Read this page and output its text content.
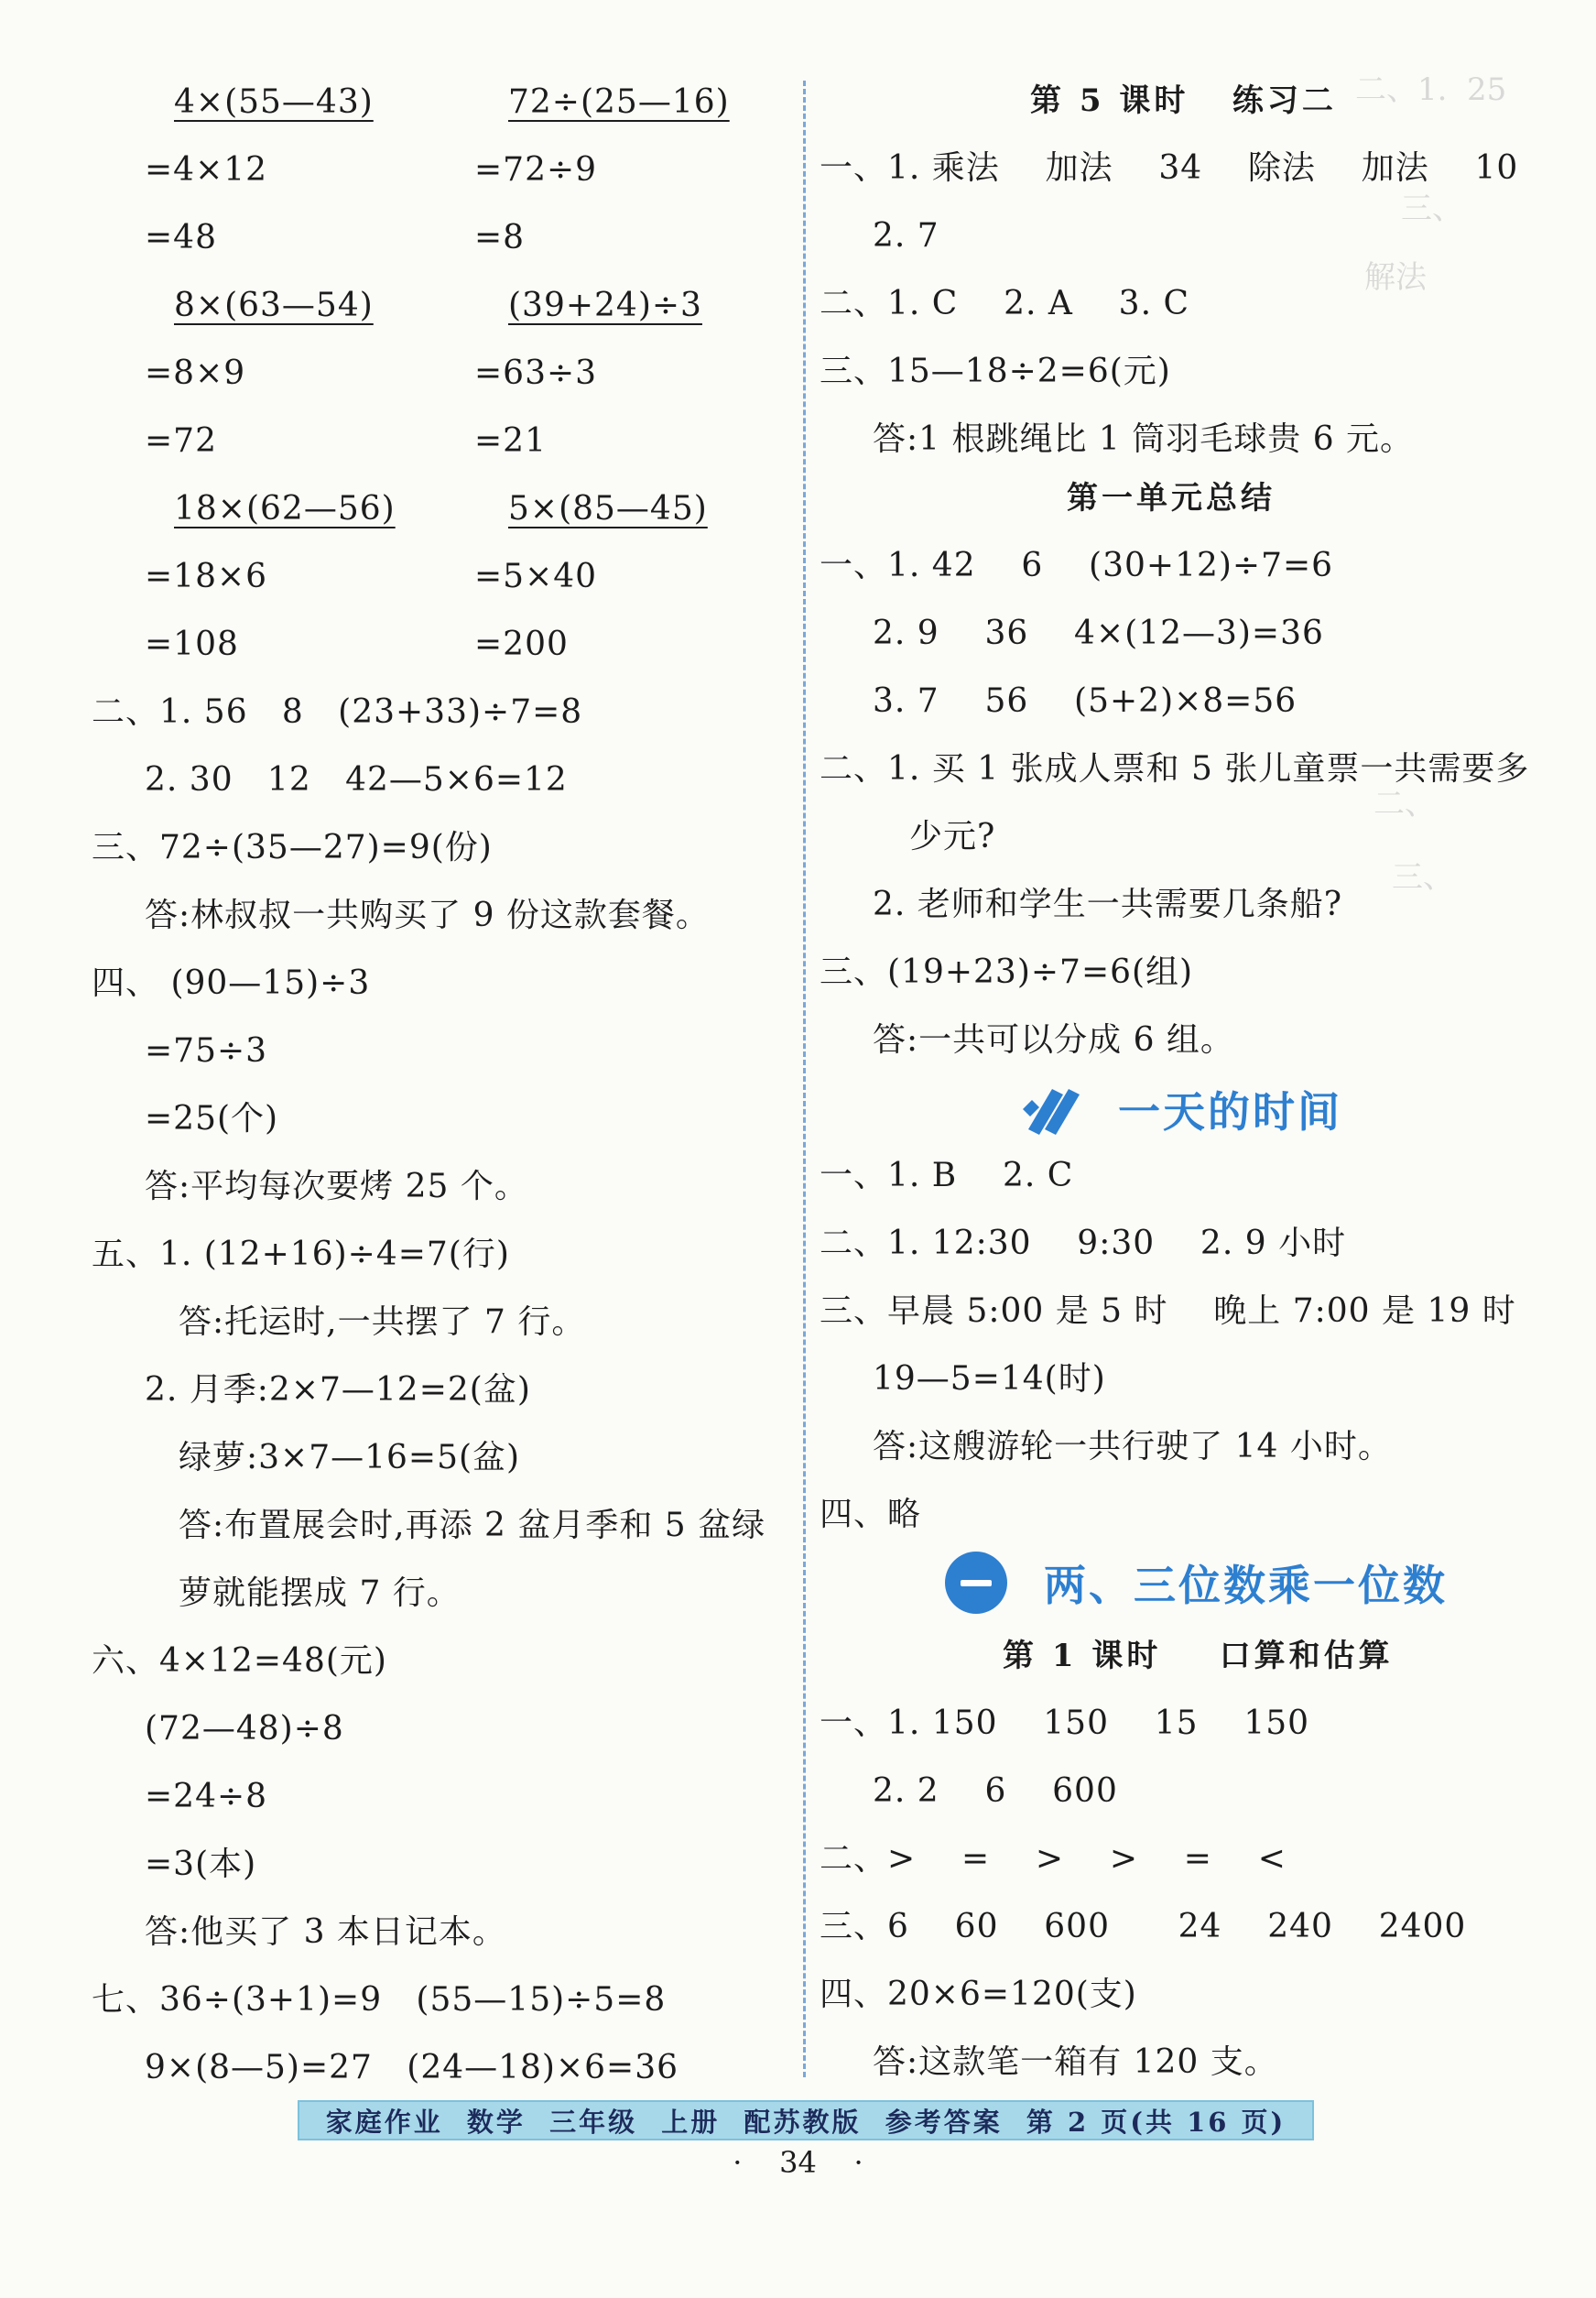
4×(55—43)	72÷(25—16)
=4×12	=72÷9
=48	=8
8×(63—54)	(39+24)÷3
=8×9	=63÷3
=72	=21
18×(62—56)	5×(85—45)
=18×6	=5×40
=108	=200
二、1. 56   8   (23+33)÷7=8
2. 30   12   42—5×6=12
三、72÷(35—27)=9(份)
答:林叔叔一共购买了 9 份这款套餐。
四、 (90—15)÷3
=75÷3
=25(个)
答:平均每次要烤 25 个。
五、1. (12+16)÷4=7(行)
答:托运时,一共摆了 7 行。
2. 月季:2×7—12=2(盆)
绿萝:3×7—16=5(盆)
答:布置展会时,再添 2 盆月季和 5 盆绿
萝就能摆成 7 行。
六、4×12=48(元)
(72—48)÷8
=24÷8
=3(本)
答:他买了 3 本日记本。
七、36÷(3+1)=9   (55—15)÷5=8
9×(8—5)=27   (24—18)×6=36
第 5 课时   练习二
一、1. 乘法    加法    34    除法    加法    10
2. 7
二、1. C    2. A    3. C
三、15—18÷2=6(元)
答:1 根跳绳比 1 筒羽毛球贵 6 元。
第一单元总结
一、1. 42    6    (30+12)÷7=6
2. 9    36    4×(12—3)=36
3. 7    56    (5+2)×8=56
二、1. 买 1 张成人票和 5 张儿童票一共需要多
少元?
2. 老师和学生一共需要几条船?
三、(19+23)÷7=6(组)
答:一共可以分成 6 组。
一天的时间
一、1. B    2. C
二、1. 12:30    9:30    2. 9 小时
三、早晨 5:00 是 5 时    晚上 7:00 是 19 时
19—5=14(时)
答:这艘游轮一共行驶了 14 小时。
四、略
两、三位数乘一位数
第 1 课时    口算和估算
一、1. 150    150    15    150
2. 2    6    600
二、>    =    >    >    =    <
三、6    60    600      24    240    2400
四、20×6=120(支)
答:这款笔一箱有 120 支。
二、1.  25
三、
解法
二、
三、
家庭作业  数学  三年级  上册  配苏教版  参考答案  第 2 页(共 16 页)
·    34    ·
